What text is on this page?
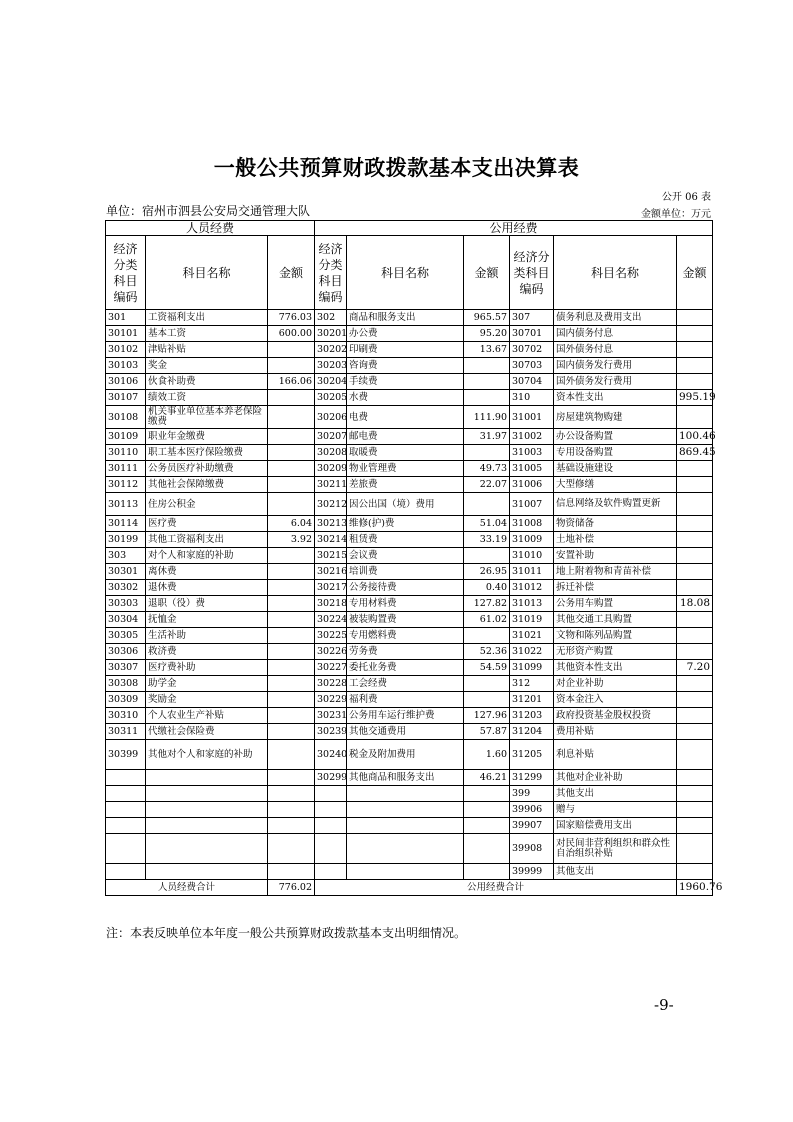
一般公共预算财政拨款基本支出决算表
公开 06 表
单位：宿州市泗县公安局交通管理大队	金额单位：万元
人员经费			公用经费					
经济分类科目编码	科目名称	金额	经济分类科目编码	科目名称	金额	经济分类科目编码	科目名称	金额
301	工资福利支出	776.03	302	商品和服务支出	965.57	307	债务利息及费用支出	
30101	基本工资	600.00	30201	办公费	95.20	30701	国内债务付息	
30102	津贴补贴		30202	印刷费	13.67	30702	国外债务付息	
30103	奖金		30203	咨询费		30703	国内债务发行费用	
30106	伙食补助费	166.06	30204	手续费		30704	国外债务发行费用	
30107	绩效工资		30205	水费		310	资本性支出	995.19
30108	机关事业单位基本养老保险缴费		30206	电费	111.90	31001	房屋建筑物购建	
30109	职业年金缴费		30207	邮电费	31.97	31002	办公设备购置	100.46
30110	职工基本医疗保险缴费		30208	取暖费		31003	专用设备购置	869.45
30111	公务员医疗补助缴费		30209	物业管理费	49.73	31005	基础设施建设	
30112	其他社会保障缴费		30211	差旅费	22.07	31006	大型修缮	
30113	住房公积金		30212	因公出国（境）费用		31007	信息网络及软件购置更新	
30114	医疗费	6.04	30213	维修(护)费	51.04	31008	物资储备	
30199	其他工资福利支出	3.92	30214	租赁费	33.19	31009	土地补偿	
303	对个人和家庭的补助		30215	会议费		31010	安置补助	
30301	离休费		30216	培训费	26.95	31011	地上附着物和青苗补偿	
30302	退休费		30217	公务接待费	0.40	31012	拆迁补偿	
30303	退职（役）费		30218	专用材料费	127.82	31013	公务用车购置	18.08
30304	抚恤金		30224	被装购置费	61.02	31019	其他交通工具购置	
30305	生活补助		30225	专用燃料费		31021	文物和陈列品购置	
30306	救济费		30226	劳务费	52.36	31022	无形资产购置	
30307	医疗费补助		30227	委托业务费	54.59	31099	其他资本性支出	7.20
30308	助学金		30228	工会经费		312	对企业补助	
30309	奖励金		30229	福利费		31201	资本金注入	
30310	个人农业生产补贴		30231	公务用车运行维护费	127.96	31203	政府投资基金股权投资	
30311	代缴社会保险费		30239	其他交通费用	57.87	31204	费用补贴	
30399	其他对个人和家庭的补助		30240	税金及附加费用	1.60	31205	利息补贴	
			30299	其他商品和服务支出	46.21	31299	其他对企业补助	
						399	其他支出	
						39906	赠与	
						39907	国家赔偿费用支出	
						39908	对民间非营利组织和群众性自治组织补贴	
						39999	其他支出	
人员经费合计		776.02	公用经费合计					1960.76
注：本表反映单位本年度一般公共预算财政拨款基本支出明细情况。
-9-
